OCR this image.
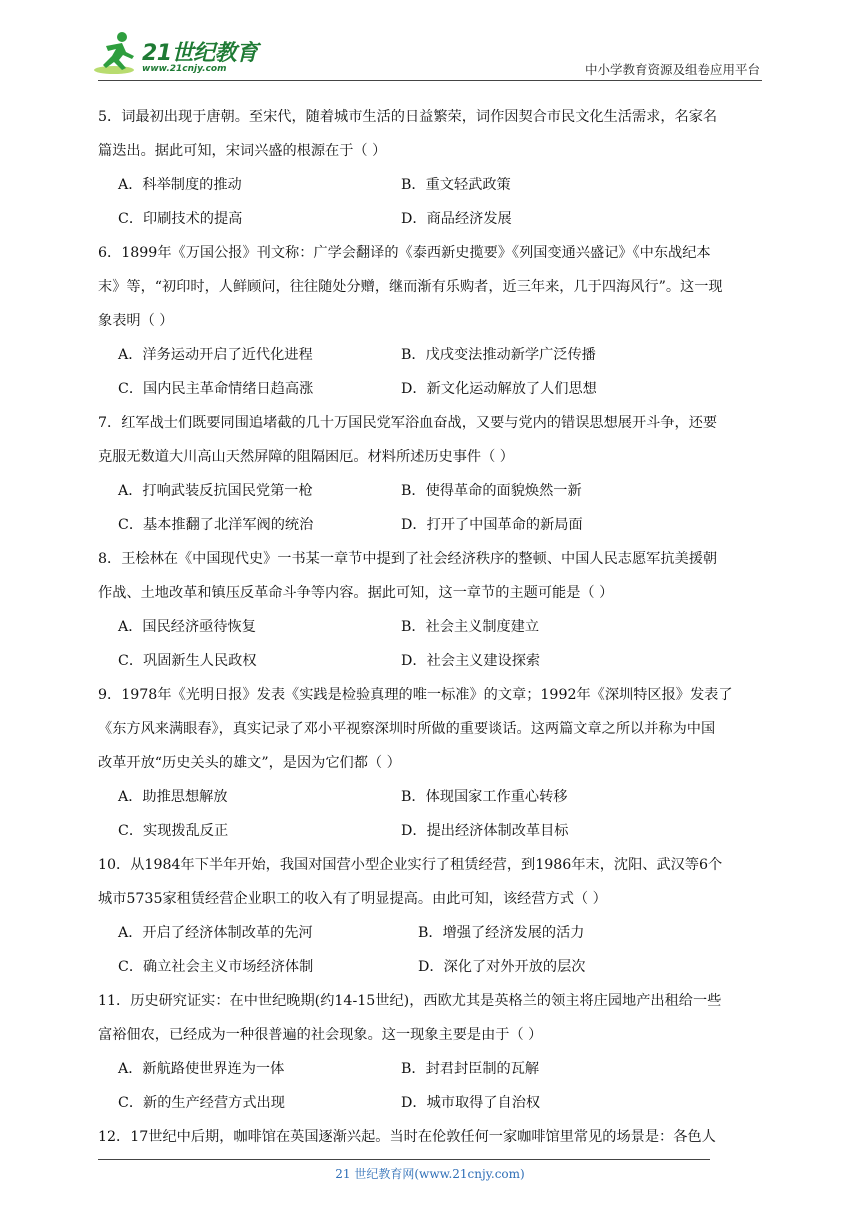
21世纪教育
www.21cnjy.com	中小学教育资源及组卷应用平台
5．词最初出现于唐朝。至宋代，随着城市生活的日益繁荣，词作因契合市民文化生活需求，名家名
篇迭出。据此可知，宋词兴盛的根源在于（ ）
A．科举制度的推动	B．重文轻武政策
C．印刷技术的提高	D．商品经济发展
6．1899年《万国公报》刊文称：广学会翻译的《泰西新史揽要》《列国变通兴盛记》《中东战纪本
末》等，“初印时，人鲜顾问，往往随处分赠，继而渐有乐购者，近三年来，几于四海风行”。这一现
象表明（ ）
A．洋务运动开启了近代化进程	B．戊戌变法推动新学广泛传播
C．国内民主革命情绪日趋高涨	D．新文化运动解放了人们思想
7．红军战士们既要同围追堵截的几十万国民党军浴血奋战，又要与党内的错误思想展开斗争，还要
克服无数道大川高山天然屏障的阻隔困厄。材料所述历史事件（ ）
A．打响武装反抗国民党第一枪	B．使得革命的面貌焕然一新
C．基本推翻了北洋军阀的统治	D．打开了中国革命的新局面
8．王桧林在《中国现代史》一书某一章节中提到了社会经济秩序的整顿、中国人民志愿军抗美援朝
作战、土地改革和镇压反革命斗争等内容。据此可知，这一章节的主题可能是（ ）
A．国民经济亟待恢复	B．社会主义制度建立
C．巩固新生人民政权	D．社会主义建设探索
9．1978年《光明日报》发表《实践是检验真理的唯一标准》的文章；1992年《深圳特区报》发表了
《东方风来满眼春》，真实记录了邓小平视察深圳时所做的重要谈话。这两篇文章之所以并称为中国
改革开放“历史关头的雄文”，是因为它们都（ ）
A．助推思想解放	B．体现国家工作重心转移
C．实现拨乱反正	D．提出经济体制改革目标
10．从1984年下半年开始，我国对国营小型企业实行了租赁经营，到1986年末，沈阳、武汉等6个
城市5735家租赁经营企业职工的收入有了明显提高。由此可知，该经营方式（ ）
A．开启了经济体制改革的先河	B．增强了经济发展的活力
C．确立社会主义市场经济体制	D．深化了对外开放的层次
11．历史研究证实：在中世纪晚期(约14-15世纪)，西欧尤其是英格兰的领主将庄园地产出租给一些
富裕佃农，已经成为一种很普遍的社会现象。这一现象主要是由于（ ）
A．新航路使世界连为一体	B．封君封臣制的瓦解
C．新的生产经营方式出现	D．城市取得了自治权
12．17世纪中后期，咖啡馆在英国逐渐兴起。当时在伦敦任何一家咖啡馆里常见的场景是：各色人
21 世纪教育网(www.21cnjy.com)
